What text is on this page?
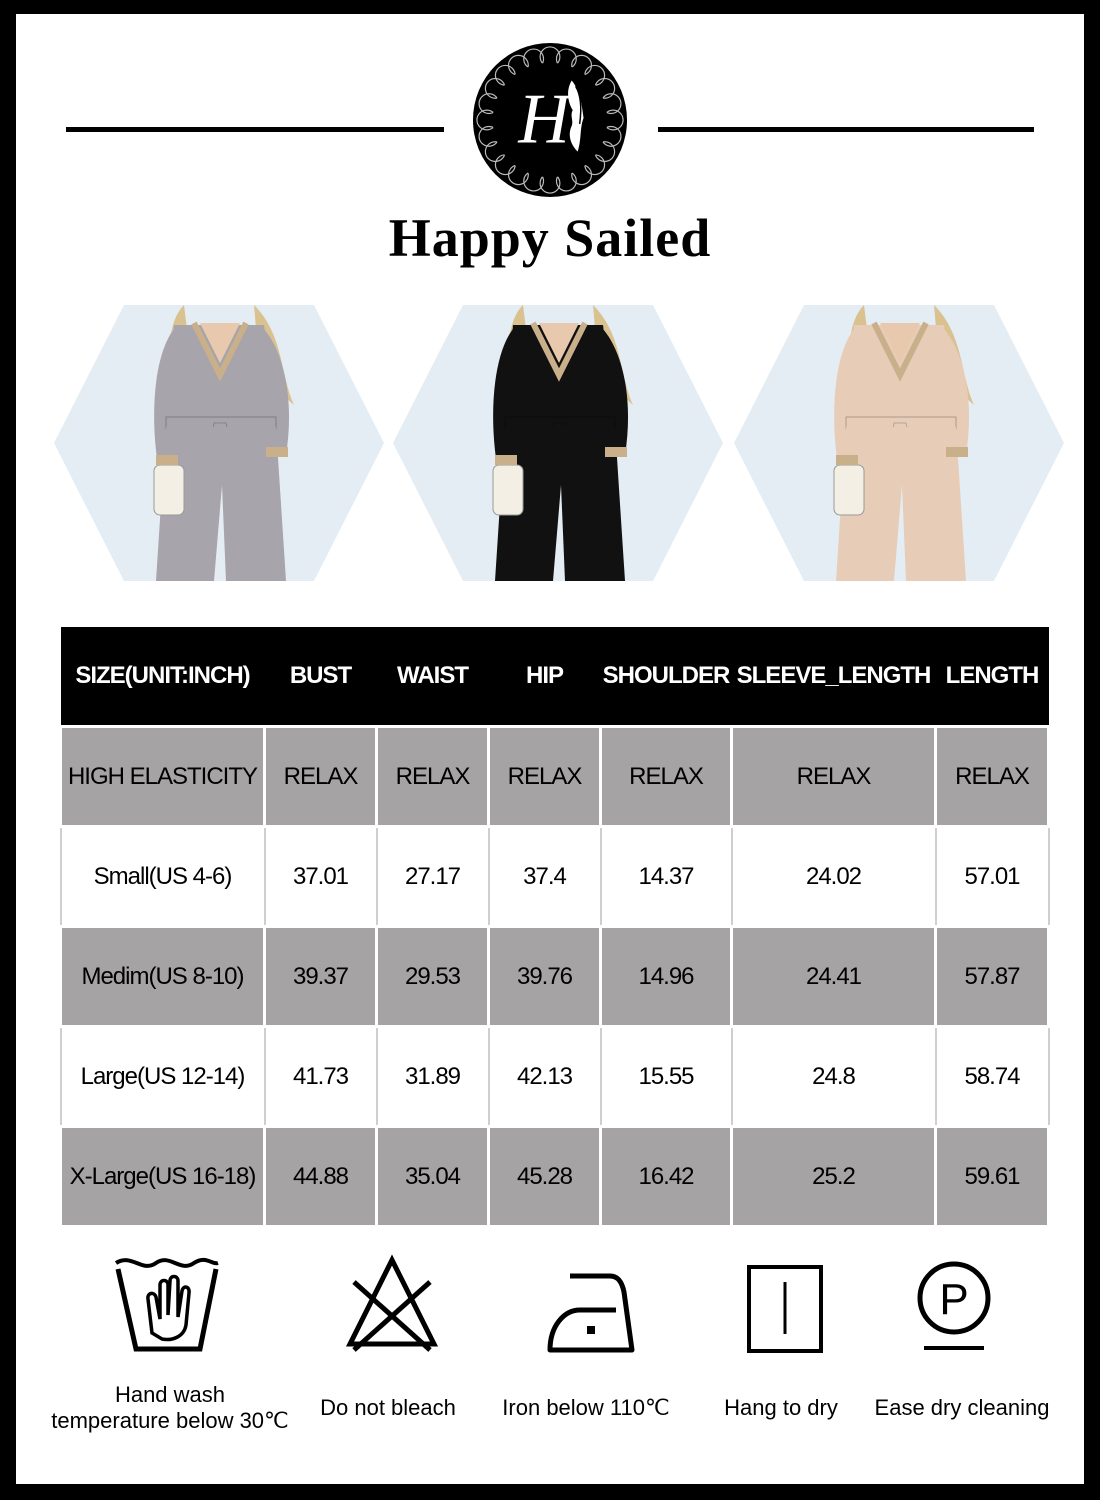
H
Happy Sailed
SIZE(UNIT:INCH)	BUST	WAIST	HIP	SHOULDER	SLEEVE_LENGTH	LENGTH
HIGH ELASTICITY	RELAX	RELAX	RELAX	RELAX	RELAX	RELAX
Small(US 4-6)	37.01	27.17	37.4	14.37	24.02	57.01
Medim(US 8-10)	39.37	29.53	39.76	14.96	24.41	57.87
Large(US 12-14)	41.73	31.89	42.13	15.55	24.8	58.74
X-Large(US 16-18)	44.88	35.04	45.28	16.42	25.2	59.61
P
Hand wash
temperature below 30℃
Do not bleach	Iron below 110℃	Hang to dry	Ease dry cleaning
